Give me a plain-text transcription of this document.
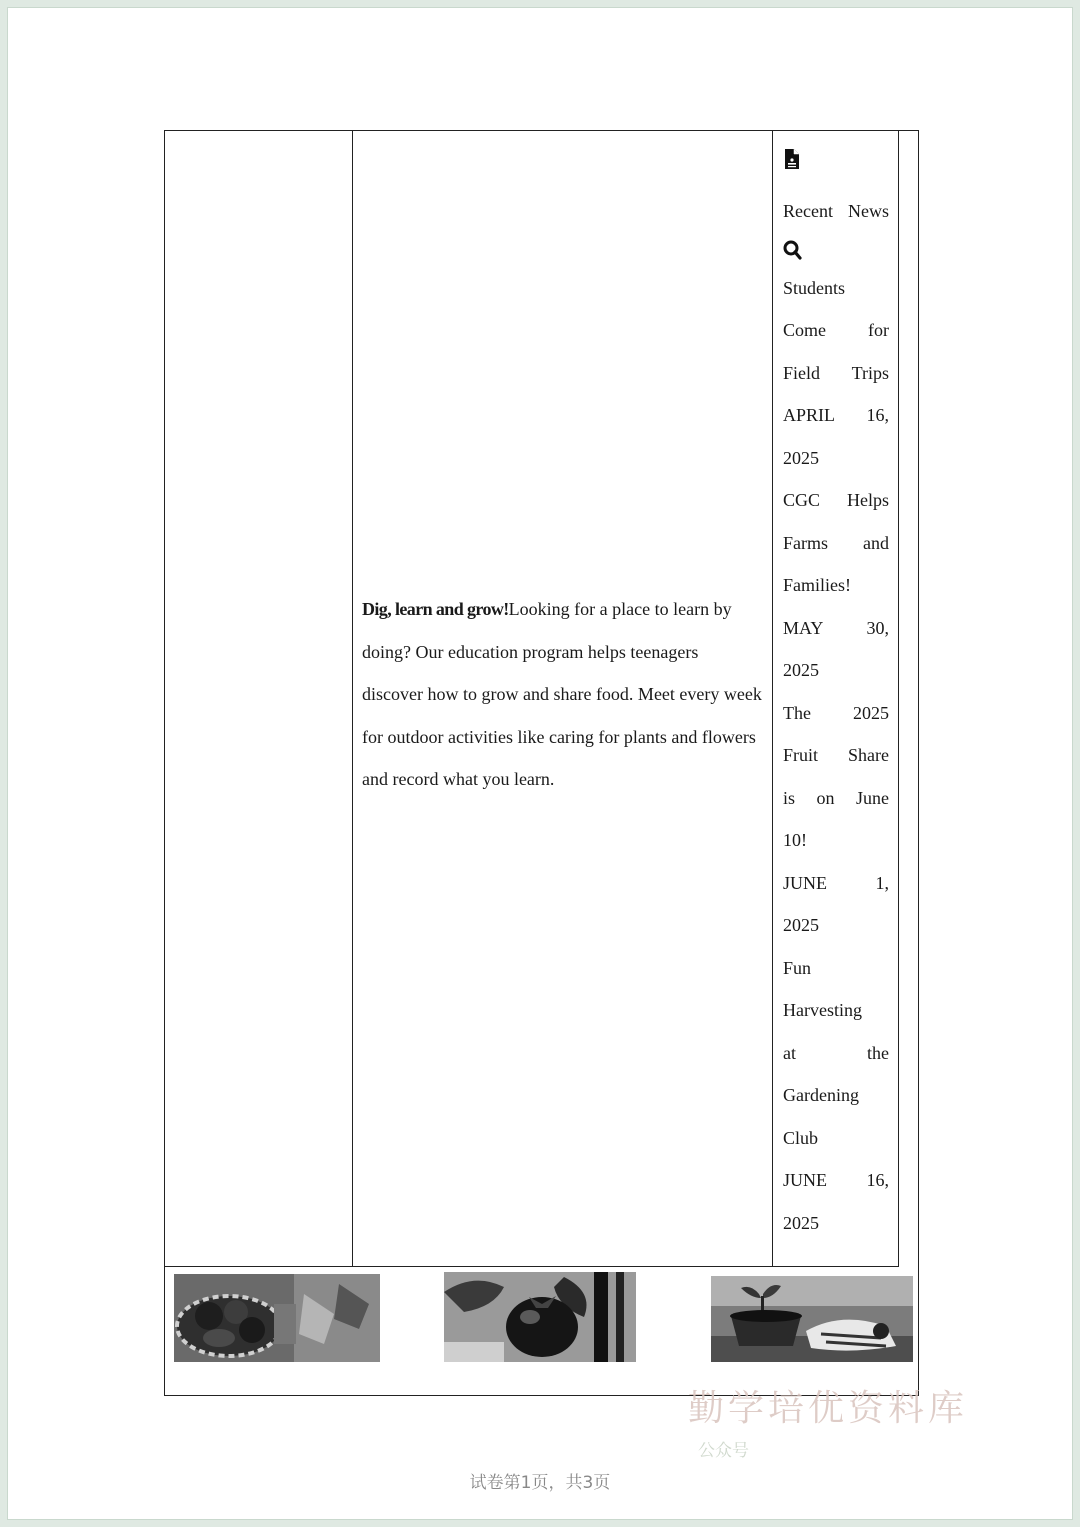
Dig, learn and grow!Looking for a place to learn by doing? Our education program helps teenagers discover how to grow and share food. Meet every week for outdoor activities like caring for plants and flowers and record what you learn.
Recent News
Students
Come for
Field Trips
APRIL 16,
2025
CGC Helps
Farms and
Families!
MAY 30,
2025
The 2025
Fruit Share
is on June
10!
JUNE 1,
2025
Fun
Harvesting
at the
Gardening
Club
JUNE 16,
2025
勤学培优资料库
公众号
试卷第1页，共3页
